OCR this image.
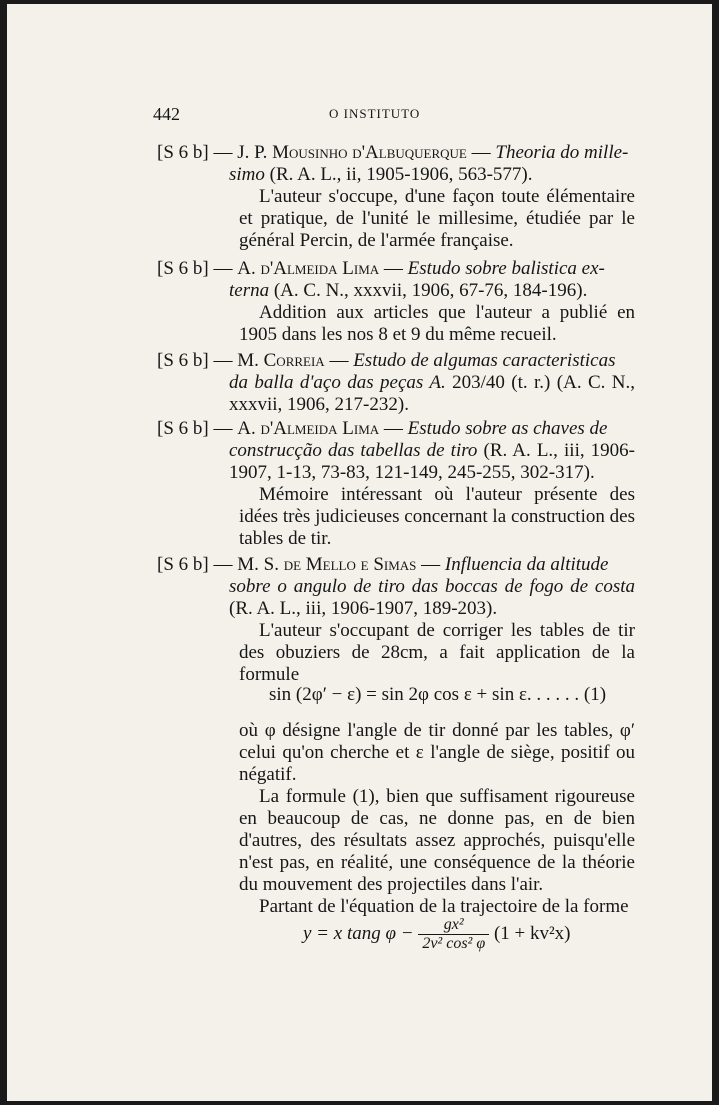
442	O INSTITUTO
[S 6 b] — J. P. Mousinho d'Albuquerque — Theoria do mille-
simo (R. A. L., ii, 1905-1906, 563-577).
L'auteur s'occupe, d'une façon toute élémentaire et pratique, de l'unité le millesime, étudiée par le général Percin, de l'armée française.
[S 6 b] — A. d'Almeida Lima — Estudo sobre balistica ex-
terna (A. C. N., xxxvii, 1906, 67-76, 184-196).
Addition aux articles que l'auteur a publié en 1905 dans les nos 8 et 9 du même recueil.
[S 6 b] — M. Correia — Estudo de algumas caracteristicas
da balla d'aço das peças A. 203/40 (t. r.) (A. C. N., xxxvii, 1906, 217-232).
[S 6 b] — A. d'Almeida Lima — Estudo sobre as chaves de
construcção das tabellas de tiro (R. A. L., iii, 1906-1907, 1-13, 73-83, 121-149, 245-255, 302-317).
Mémoire intéressant où l'auteur présente des idées très judicieuses concernant la construction des tables de tir.
[S 6 b] — M. S. de Mello e Simas — Influencia da altitude
sobre o angulo de tiro das boccas de fogo de costa (R. A. L., iii, 1906-1907, 189-203).
L'auteur s'occupant de corriger les tables de tir des obuziers de 28cm, a fait application de la formule
sin (2φ′ − ε) = sin 2φ cos ε + sin ε. . . . . . (1)
où φ désigne l'angle de tir donné par les tables, φ′ celui qu'on cherche et ε l'angle de siège, positif ou négatif.
La formule (1), bien que suffisament rigoureuse en beaucoup de cas, ne donne pas, en de bien d'autres, des résultats assez approchés, puisqu'elle n'est pas, en réalité, une conséquence de la théorie du mouvement des projectiles dans l'air.
Partant de l'équation de la trajectoire de la forme
y = x tang $\varphi - \frac{\text{gx²}}{\text{2v² cos² φ}} (1 + kv^2x)$
